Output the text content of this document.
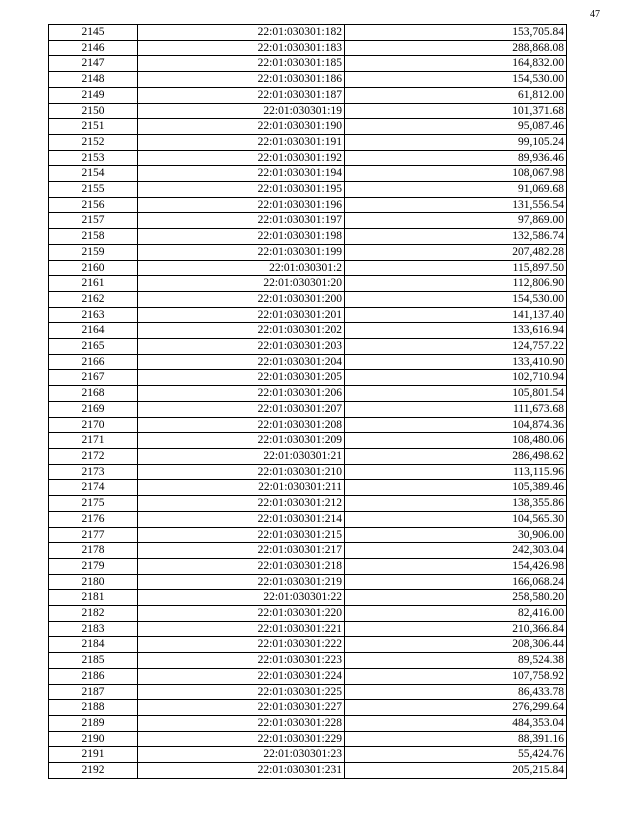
47
2145	22:01:030301:182	153,705.84
2146	22:01:030301:183	288,868.08
2147	22:01:030301:185	164,832.00
2148	22:01:030301:186	154,530.00
2149	22:01:030301:187	61,812.00
2150	22:01:030301:19	101,371.68
2151	22:01:030301:190	95,087.46
2152	22:01:030301:191	99,105.24
2153	22:01:030301:192	89,936.46
2154	22:01:030301:194	108,067.98
2155	22:01:030301:195	91,069.68
2156	22:01:030301:196	131,556.54
2157	22:01:030301:197	97,869.00
2158	22:01:030301:198	132,586.74
2159	22:01:030301:199	207,482.28
2160	22:01:030301:2	115,897.50
2161	22:01:030301:20	112,806.90
2162	22:01:030301:200	154,530.00
2163	22:01:030301:201	141,137.40
2164	22:01:030301:202	133,616.94
2165	22:01:030301:203	124,757.22
2166	22:01:030301:204	133,410.90
2167	22:01:030301:205	102,710.94
2168	22:01:030301:206	105,801.54
2169	22:01:030301:207	111,673.68
2170	22:01:030301:208	104,874.36
2171	22:01:030301:209	108,480.06
2172	22:01:030301:21	286,498.62
2173	22:01:030301:210	113,115.96
2174	22:01:030301:211	105,389.46
2175	22:01:030301:212	138,355.86
2176	22:01:030301:214	104,565.30
2177	22:01:030301:215	30,906.00
2178	22:01:030301:217	242,303.04
2179	22:01:030301:218	154,426.98
2180	22:01:030301:219	166,068.24
2181	22:01:030301:22	258,580.20
2182	22:01:030301:220	82,416.00
2183	22:01:030301:221	210,366.84
2184	22:01:030301:222	208,306.44
2185	22:01:030301:223	89,524.38
2186	22:01:030301:224	107,758.92
2187	22:01:030301:225	86,433.78
2188	22:01:030301:227	276,299.64
2189	22:01:030301:228	484,353.04
2190	22:01:030301:229	88,391.16
2191	22:01:030301:23	55,424.76
2192	22:01:030301:231	205,215.84
